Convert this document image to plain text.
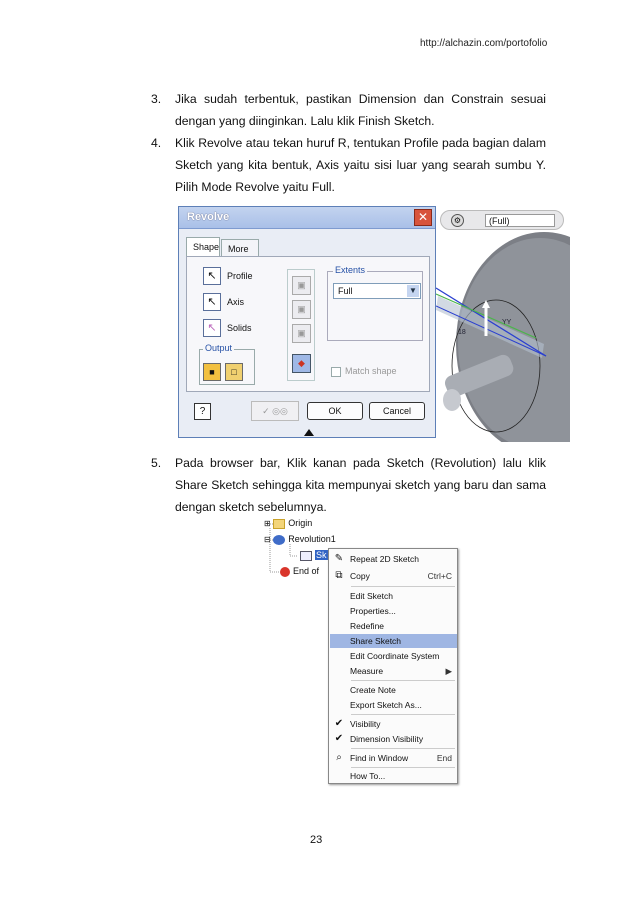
http://alchazin.com/portofolio
3. Jika sudah terbentuk, pastikan Dimension dan Constrain sesuai dengan yang diinginkan. Lalu klik Finish Sketch.
4. Klik Revolve atau tekan huruf R, tentukan Profile pada bagian dalam Sketch yang kita bentuk, Axis yaitu sisi luar yang searah sumbu Y. Pilih Mode Revolve yaitu Full.
Revolve	✕
Shape More
↖	Profile
↖	Axis
↖	Solids
Output
■	□
▣
▣
▣
◆
Extents
Full	▼
Match shape
?	✓ ◎◎	OK	Cancel
18
YY
⚙	(Full)
5. Pada browser bar, Klik kanan pada Sketch (Revolution) lalu klik Share Sketch sehingga kita mempunyai sketch yang baru dan sama dengan sketch sebelumnya.
⊞ Origin
⊟ Revolution1
Sk
End of
✎ Repeat 2D Sketch
⧉ Copy	Ctrl+C
Edit Sketch
Properties...
Redefine
Share Sketch
Edit Coordinate System
Measure	▶
Create Note
Export Sketch As...
✔ Visibility
✔ Dimension Visibility
⌕ Find in Window	End
How To...
23
